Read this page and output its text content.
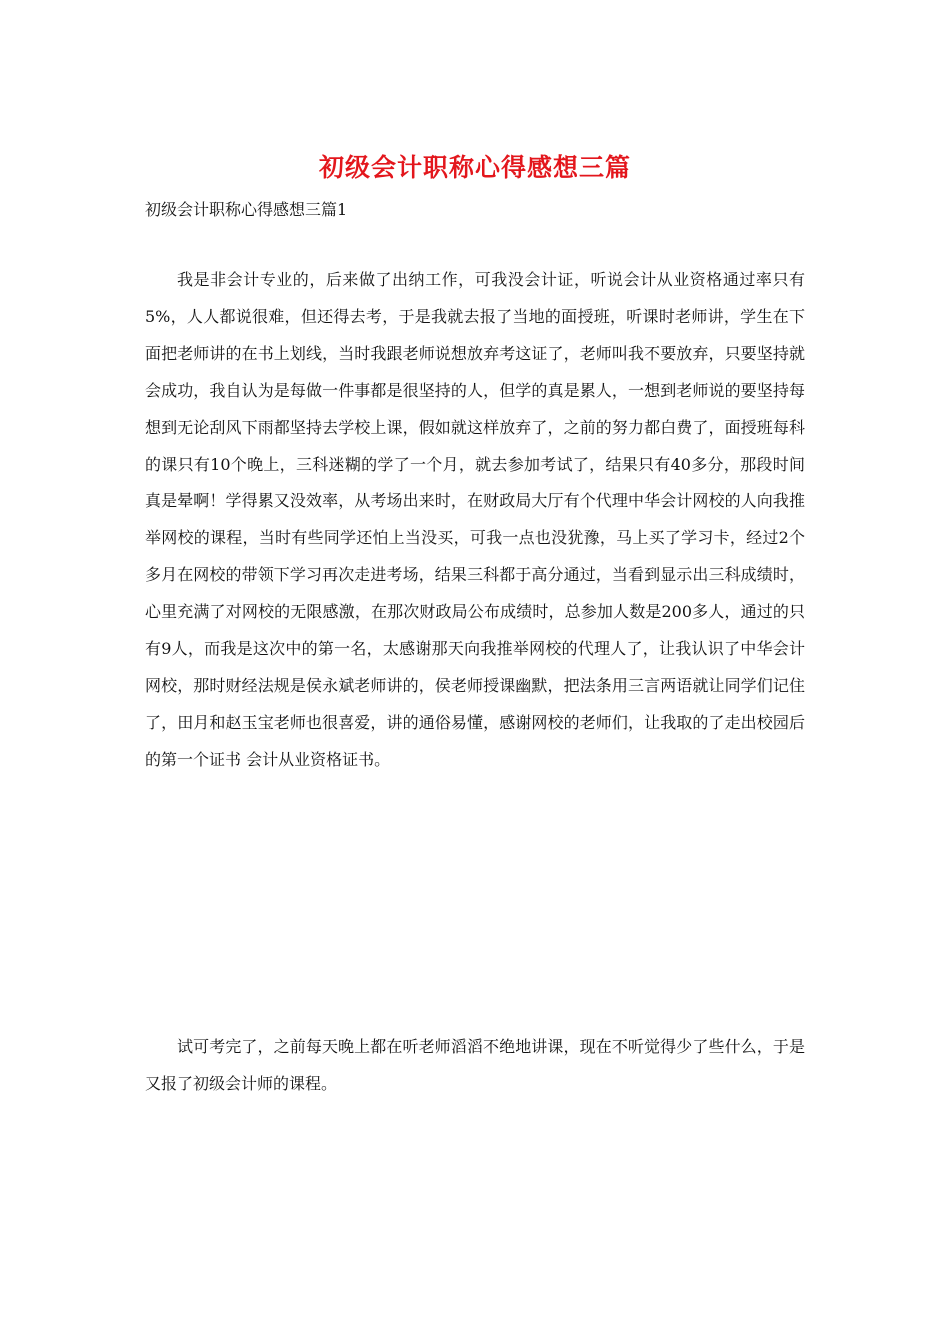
初级会计职称心得感想三篇
初级会计职称心得感想三篇1

我是非会计专业的，后来做了出纳工作，可我没会计证，听说会计从业资格通过率只有5%，人人都说很难，但还得去考，于是我就去报了当地的面授班，听课时老师讲，学生在下面把老师讲的在书上划线，当时我跟老师说想放弃考这证了，老师叫我不要放弃，只要坚持就会成功，我自认为是每做一件事都是很坚持的人，但学的真是累人，一想到老师说的要坚持每想到无论刮风下雨都坚持去学校上课，假如就这样放弃了，之前的努力都白费了，面授班每科的课只有10个晚上，三科迷糊的学了一个月，就去参加考试了，结果只有40多分，那段时间真是晕啊！学得累又没效率，从考场出来时，在财政局大厅有个代理中华会计网校的人向我推举网校的课程，当时有些同学还怕上当没买，可我一点也没犹豫，马上买了学习卡，经过2个多月在网校的带领下学习再次走进考场，结果三科都于高分通过，当看到显示出三科成绩时，心里充满了对网校的无限感激，在那次财政局公布成绩时，总参加人数是200多人，通过的只有9人，而我是这次中的第一名，太感谢那天向我推举网校的代理人了，让我认识了中华会计网校，那时财经法规是侯永斌老师讲的，侯老师授课幽默，把法条用三言两语就让同学们记住了，田月和赵玉宝老师也很喜爱，讲的通俗易懂，感谢网校的老师们，让我取的了走出校园后的第一个证书 会计从业资格证书。

试可考完了，之前每天晚上都在听老师滔滔不绝地讲课，现在不听觉得少了些什么，于是又报了初级会计师的课程。
